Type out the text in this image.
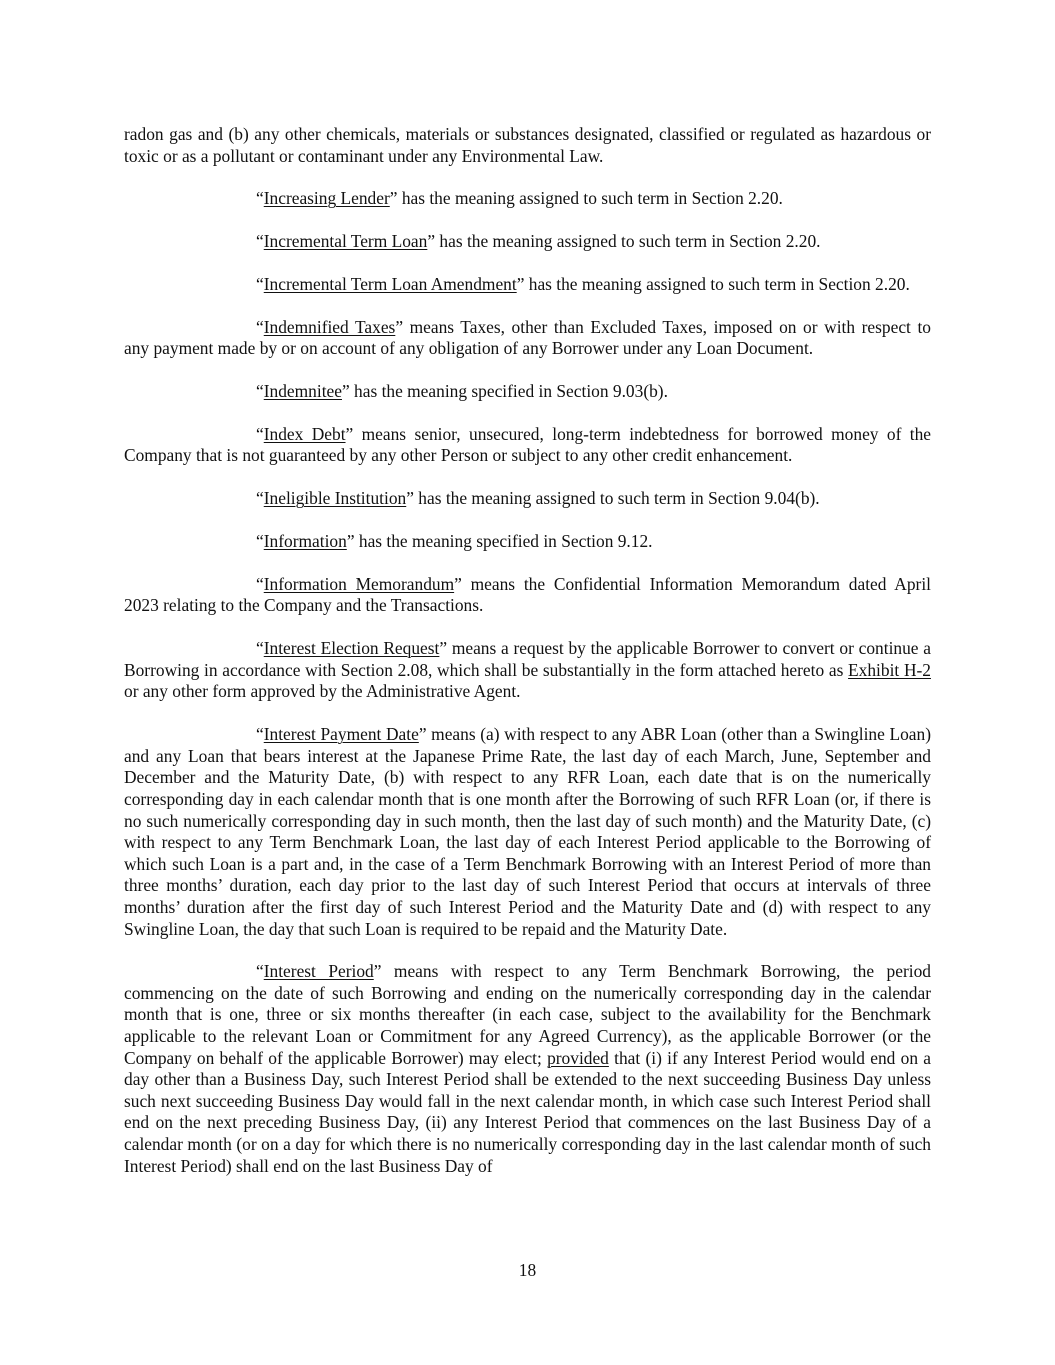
radon gas and (b) any other chemicals, materials or substances designated, classified or regulated as hazardous or toxic or as a pollutant or contaminant under any Environmental Law.

“Increasing Lender” has the meaning assigned to such term in Section 2.20.

“Incremental Term Loan” has the meaning assigned to such term in Section 2.20.

“Incremental Term Loan Amendment” has the meaning assigned to such term in Section 2.20.

“Indemnified Taxes” means Taxes, other than Excluded Taxes, imposed on or with respect to any payment made by or on account of any obligation of any Borrower under any Loan Document.

“Indemnitee” has the meaning specified in Section 9.03(b).

“Index Debt” means senior, unsecured, long-term indebtedness for borrowed money of the Company that is not guaranteed by any other Person or subject to any other credit enhancement.

“Ineligible Institution” has the meaning assigned to such term in Section 9.04(b).

“Information” has the meaning specified in Section 9.12.

“Information Memorandum” means the Confidential Information Memorandum dated April 2023 relating to the Company and the Transactions.

“Interest Election Request” means a request by the applicable Borrower to convert or continue a Borrowing in accordance with Section 2.08, which shall be substantially in the form attached hereto as Exhibit H-2 or any other form approved by the Administrative Agent.

“Interest Payment Date” means (a) with respect to any ABR Loan (other than a Swingline Loan) and any Loan that bears interest at the Japanese Prime Rate, the last day of each March, June, September and December and the Maturity Date, (b) with respect to any RFR Loan, each date that is on the numerically corresponding day in each calendar month that is one month after the Borrowing of such RFR Loan (or, if there is no such numerically corresponding day in such month, then the last day of such month) and the Maturity Date, (c) with respect to any Term Benchmark Loan, the last day of each Interest Period applicable to the Borrowing of which such Loan is a part and, in the case of a Term Benchmark Borrowing with an Interest Period of more than three months’ duration, each day prior to the last day of such Interest Period that occurs at intervals of three months’ duration after the first day of such Interest Period and the Maturity Date and (d) with respect to any Swingline Loan, the day that such Loan is required to be repaid and the Maturity Date.

“Interest Period” means with respect to any Term Benchmark Borrowing, the period commencing on the date of such Borrowing and ending on the numerically corresponding day in the calendar month that is one, three or six months thereafter (in each case, subject to the availability for the Benchmark applicable to the relevant Loan or Commitment for any Agreed Currency), as the applicable Borrower (or the Company on behalf of the applicable Borrower) may elect; provided that (i) if any Interest Period would end on a day other than a Business Day, such Interest Period shall be extended to the next succeeding Business Day unless such next succeeding Business Day would fall in the next calendar month, in which case such Interest Period shall end on the next preceding Business Day, (ii) any Interest Period that commences on the last Business Day of a calendar month (or on a day for which there is no numerically corresponding day in the last calendar month of such Interest Period) shall end on the last Business Day of

18
